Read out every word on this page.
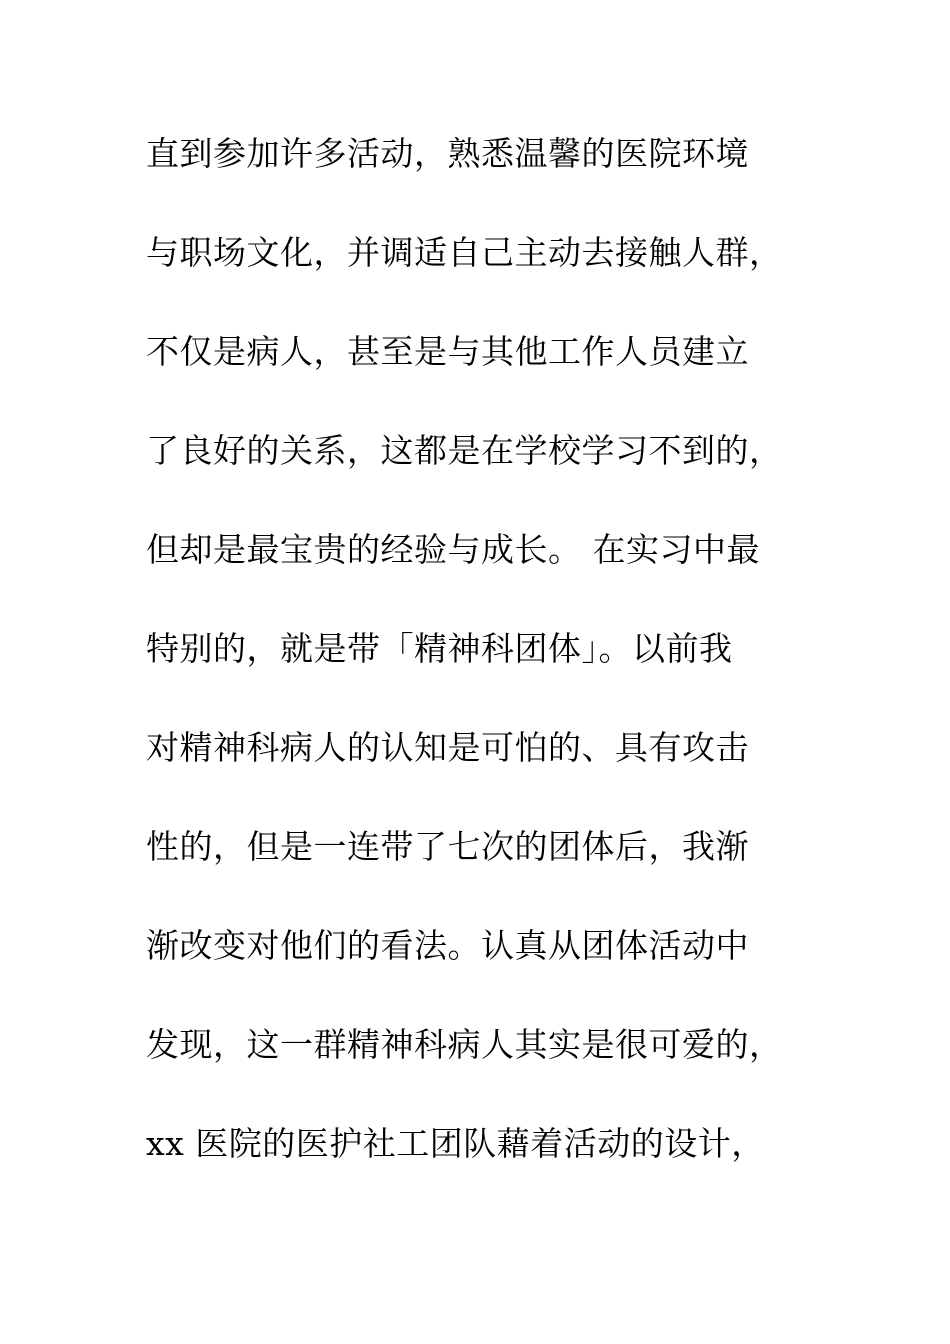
直到参加许多活动，熟悉温馨的医院环境
与职场文化，并调适自己主动去接触人群，
不仅是病人，甚至是与其他工作人员建立
了良好的关系，这都是在学校学习不到的，
但却是最宝贵的经验与成长。 在实习中最
特别的，就是带「精神科团体」。以前我
对精神科病人的认知是可怕的、具有攻击
性的，但是一连带了七次的团体后，我渐
渐改变对他们的看法。认真从团体活动中
发现，这一群精神科病人其实是很可爱的，
xx 医院的医护社工团队藉着活动的设计，
